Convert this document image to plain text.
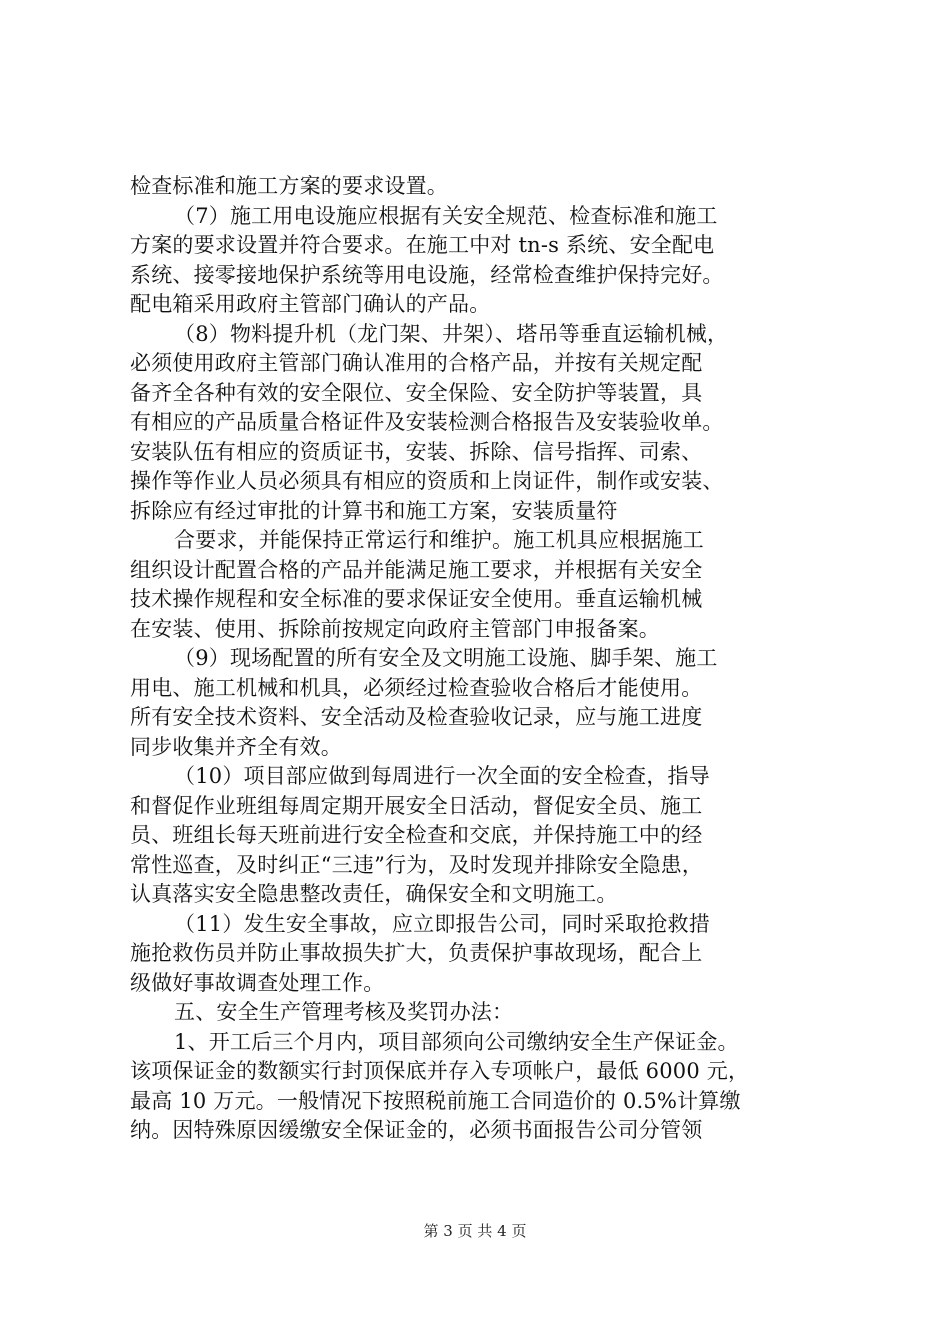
检查标准和施工方案的要求设置。
（7）施工用电设施应根据有关安全规范、检查标准和施工
方案的要求设置并符合要求。在施工中对 tn-s 系统、安全配电
系统、接零接地保护系统等用电设施，经常检查维护保持完好。
配电箱采用政府主管部门确认的产品。
（8）物料提升机（龙门架、井架）、塔吊等垂直运输机械，
必须使用政府主管部门确认准用的合格产品，并按有关规定配
备齐全各种有效的安全限位、安全保险、安全防护等装置，具
有相应的产品质量合格证件及安装检测合格报告及安装验收单。
安装队伍有相应的资质证书，安装、拆除、信号指挥、司索、
操作等作业人员必须具有相应的资质和上岗证件，制作或安装、
拆除应有经过审批的计算书和施工方案，安装质量符
合要求，并能保持正常运行和维护。施工机具应根据施工
组织设计配置合格的产品并能满足施工要求，并根据有关安全
技术操作规程和安全标准的要求保证安全使用。垂直运输机械
在安装、使用、拆除前按规定向政府主管部门申报备案。
（9）现场配置的所有安全及文明施工设施、脚手架、施工
用电、施工机械和机具，必须经过检查验收合格后才能使用。
所有安全技术资料、安全活动及检查验收记录，应与施工进度
同步收集并齐全有效。
（10）项目部应做到每周进行一次全面的安全检查，指导
和督促作业班组每周定期开展安全日活动，督促安全员、施工
员、班组长每天班前进行安全检查和交底，并保持施工中的经
常性巡查，及时纠正“三违”行为，及时发现并排除安全隐患，
认真落实安全隐患整改责任，确保安全和文明施工。
（11）发生安全事故，应立即报告公司，同时采取抢救措
施抢救伤员并防止事故损失扩大，负责保护事故现场，配合上
级做好事故调查处理工作。
五、安全生产管理考核及奖罚办法：
1、开工后三个月内，项目部须向公司缴纳安全生产保证金。
该项保证金的数额实行封顶保底并存入专项帐户，最低 6000 元，
最高 10 万元。一般情况下按照税前施工合同造价的 0.5%计算缴
纳。因特殊原因缓缴安全保证金的，必须书面报告公司分管领
第 3 页 共 4 页
